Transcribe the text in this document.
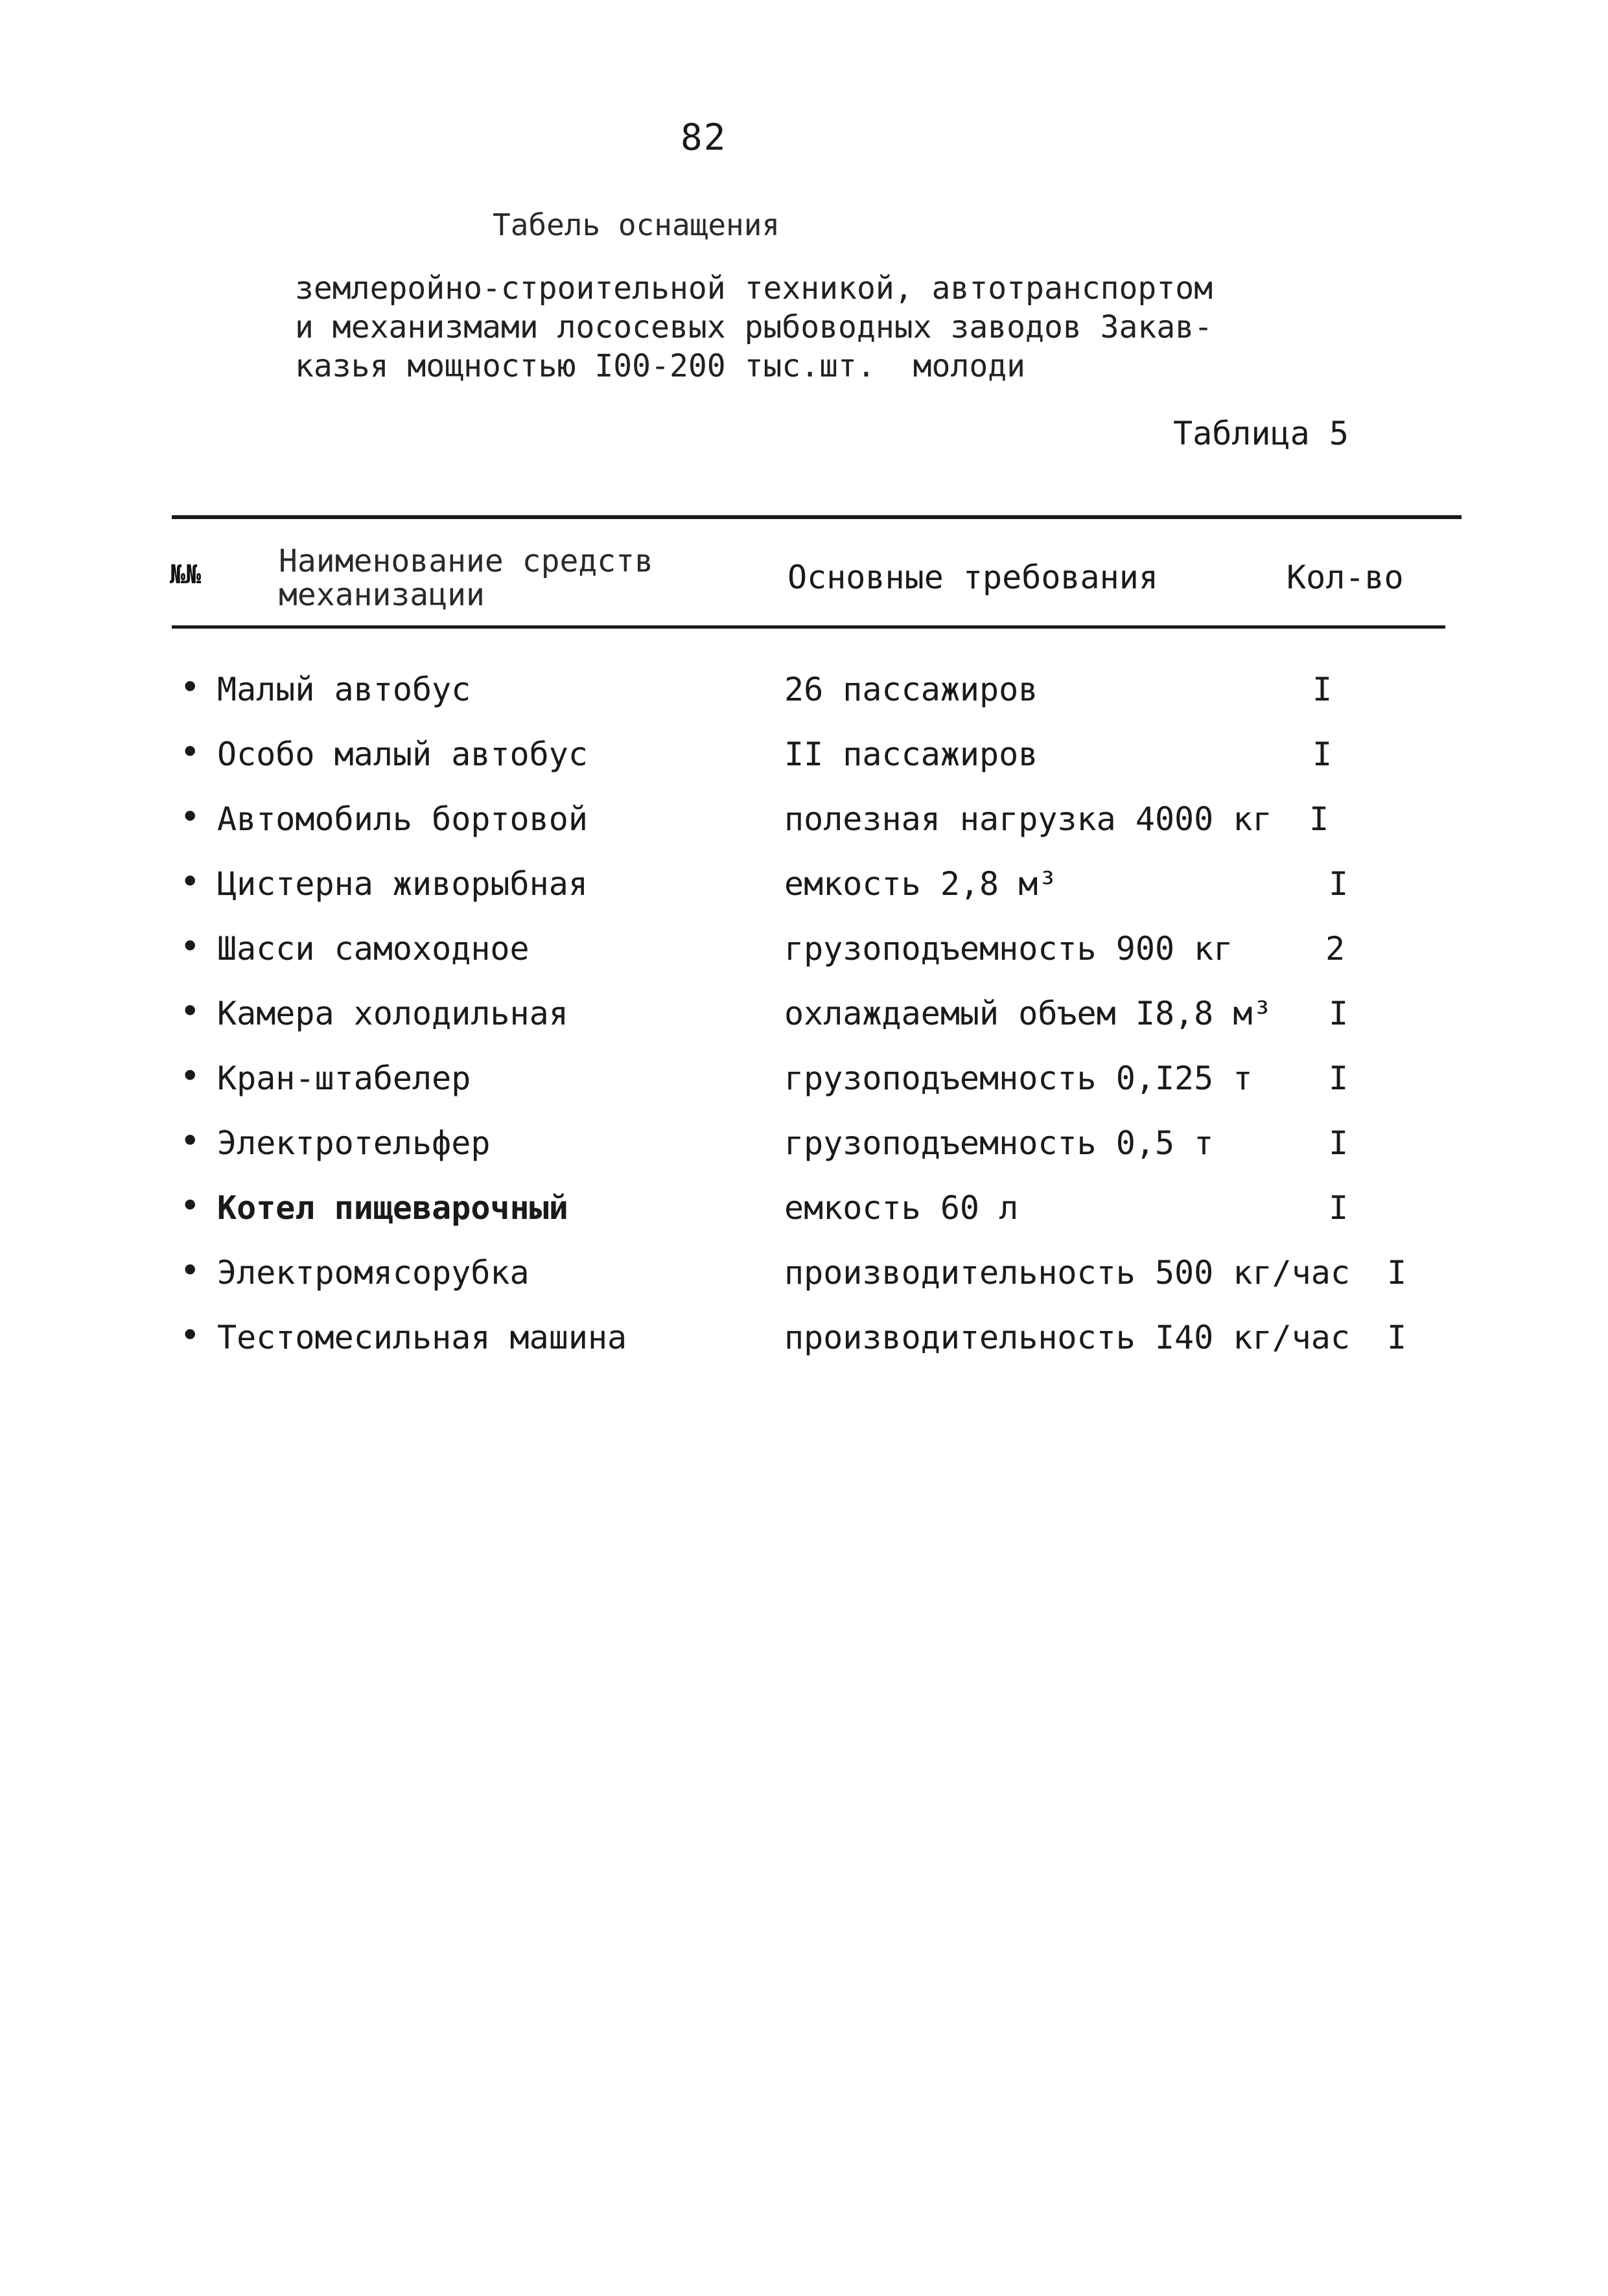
82
Табель оснащения
землеройно-строительной техникой, автотранспортом
и механизмами лососевых рыбоводных заводов Закав-
казья мощностью I00-200 тыс.шт.  молоди
Таблица 5
№№ Наименование средств
механизации	Основные требования	Кол-во
• Малый автобус	26 пассажиров	I
• Особо малый автобус	II пассажиров	I
• Автомобиль бортовой	полезная нагрузка 4000 кг I
• Цистерна живорыбная	емкость 2,8 м³	I
• Шасси самоходное	грузоподъемность 900 кг	2
• Камера холодильная	охлаждаемый объем I8,8 м³ I
• Кран-штабелер	грузоподъемность 0,I25 т I
• Электротельфер	грузоподъемность 0,5 т	I
• Котел пищеварочный	емкость 60 л	I
• Электромясорубка	производительность 500 кг/час I
• Тестомесильная машина	производительность I40 кг/час I
